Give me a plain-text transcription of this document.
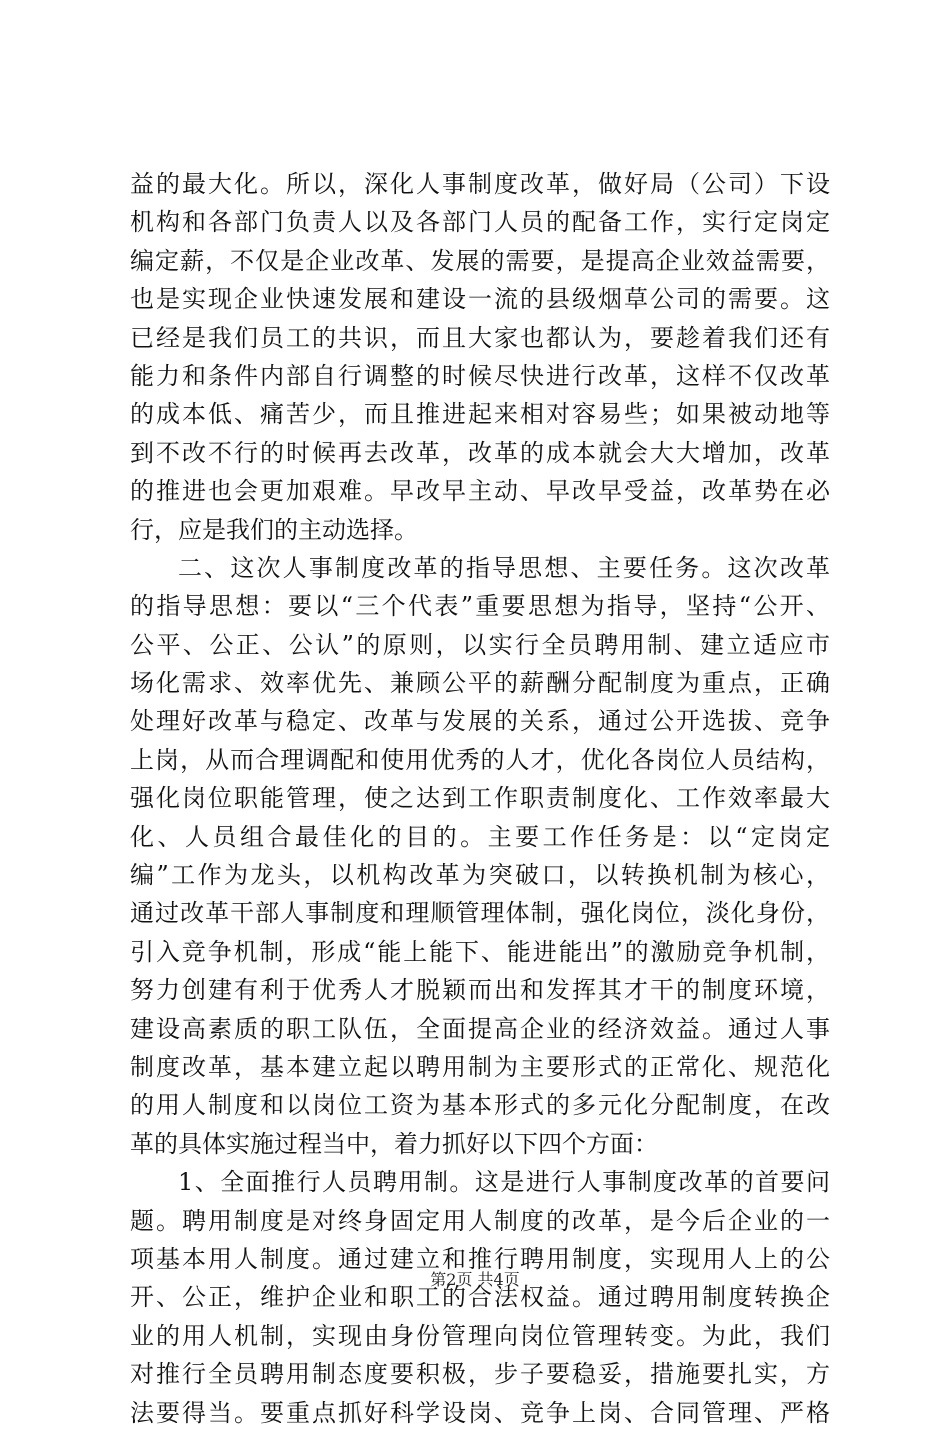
益的最大化。所以，深化人事制度改革，做好局（公司）下设
机构和各部门负责人以及各部门人员的配备工作，实行定岗定
编定薪，不仅是企业改革、发展的需要，是提高企业效益需要，
也是实现企业快速发展和建设一流的县级烟草公司的需要。这
已经是我们员工的共识，而且大家也都认为，要趁着我们还有
能力和条件内部自行调整的时候尽快进行改革，这样不仅改革
的成本低、痛苦少，而且推进起来相对容易些；如果被动地等
到不改不行的时候再去改革，改革的成本就会大大增加，改革
的推进也会更加艰难。早改早主动、早改早受益，改革势在必
行，应是我们的主动选择。
二、这次人事制度改革的指导思想、主要任务。这次改革
的指导思想：要以“三个代表”重要思想为指导，坚持“公开、
公平、公正、公认”的原则，以实行全员聘用制、建立适应市
场化需求、效率优先、兼顾公平的薪酬分配制度为重点，正确
处理好改革与稳定、改革与发展的关系，通过公开选拔、竞争
上岗，从而合理调配和使用优秀的人才，优化各岗位人员结构，
强化岗位职能管理，使之达到工作职责制度化、工作效率最大
化、人员组合最佳化的目的。主要工作任务是：以“定岗定
编”工作为龙头，以机构改革为突破口，以转换机制为核心，
通过改革干部人事制度和理顺管理体制，强化岗位，淡化身份，
引入竞争机制，形成“能上能下、能进能出”的激励竞争机制，
努力创建有利于优秀人才脱颖而出和发挥其才干的制度环境，
建设高素质的职工队伍，全面提高企业的经济效益。通过人事
制度改革，基本建立起以聘用制为主要形式的正常化、规范化
的用人制度和以岗位工资为基本形式的多元化分配制度，在改
革的具体实施过程当中，着力抓好以下四个方面：
1、全面推行人员聘用制。这是进行人事制度改革的首要问
题。聘用制度是对终身固定用人制度的改革，是今后企业的一
项基本用人制度。通过建立和推行聘用制度，实现用人上的公
开、公正，维护企业和职工的合法权益。通过聘用制度转换企
业的用人机制，实现由身份管理向岗位管理转变。为此，我们
对推行全员聘用制态度要积极，步子要稳妥，措施要扎实，方
法要得当。要重点抓好科学设岗、竞争上岗、合同管理、严格
第2页 共4页
